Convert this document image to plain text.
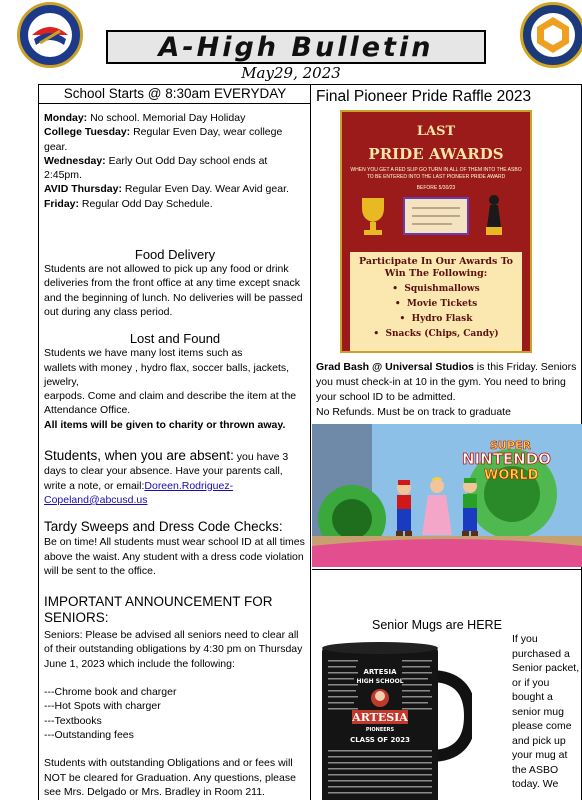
A-High Bulletin
May29, 2023
School Starts @ 8:30am EVERYDAY
Monday: No school. Memorial Day Holiday
College Tuesday: Regular Even Day, wear college gear.
Wednesday: Early Out Odd Day school ends at 2:45pm.
AVID Thursday: Regular Even Day. Wear Avid gear.
Friday: Regular Odd Day Schedule.
Food Delivery
Students are not allowed to pick up any food or drink deliveries from the front office at any time except snack and the beginning of lunch. No deliveries will be passed out during any class period.
Lost and Found
Students we have many lost items such as
wallets with money , hydro flax, soccer balls, jackets, jewelry,
earpods. Come and claim and describe the item at the Attendance Office.
All items will be given to charity or thrown away.
Students, when you are absent: you have 3 days to clear your absence. Have your parents call, write a note, or email:Doreen.Rodriguez-Copeland@abcusd.us
Tardy Sweeps and Dress Code Checks:
Be on time! All students must wear school ID at all times above the waist. Any student with a dress code violation will be sent to the office.
IMPORTANT ANNOUNCEMENT FOR SENIORS:
Seniors: Please be advised all seniors need to clear all of their outstanding obligations by 4:30 pm on Thursday June 1, 2023 which include the following:
---Chrome book and charger
---Hot Spots with charger
---Textbooks
---Outstanding fees
Students with outstanding Obligations and or fees will NOT be cleared for Graduation. Any questions, please see Mrs. Delgado or Mrs. Bradley in Room 211.
Final Pioneer Pride Raffle 2023
LAST
PRIDE AWARDS
WHEN YOU GET A RED SLIP GO TURN IN ALL OF THEM INTO THE ASBO TO BE ENTERED INTO THE LAST PIONEER PRIDE AWARD
BEFORE 5/30/23
Participate In Our Awards To Win The Following:
•  Squishmallows
•  Movie Tickets
•  Hydro Flask
•  Snacks (Chips, Candy)
Grad Bash @ Universal Studios is this Friday. Seniors you must check-in at 10 in the gym. You need to bring your school ID to be admitted.
No Refunds. Must be on track to graduate
SUPER
NINTENDO
WORLD
Senior Mugs are HERE
ARTESIA
HIGH SCHOOL
ARTESIA
PIONEERS
CLASS OF 2023
If you purchased a Senior packet, or if you bought a senior mug please come and pick up your mug at the ASBO today. We
